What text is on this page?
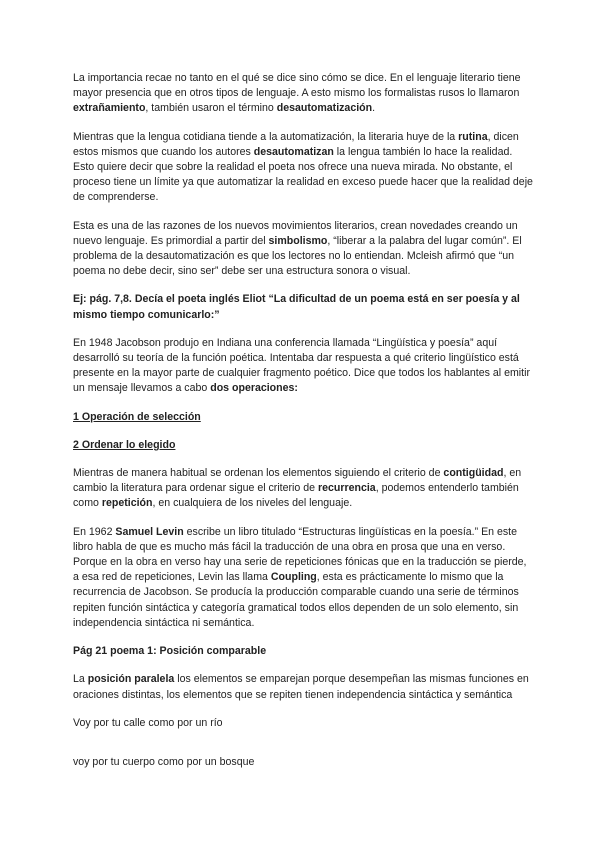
La importancia recae no tanto en el qué se dice sino cómo se dice. En el lenguaje literario tiene mayor presencia que en otros tipos de lenguaje. A esto mismo los formalistas rusos lo llamaron extrañamiento, también usaron el término desautomatización.

Mientras que la lengua cotidiana tiende a la automatización, la literaria huye de la rutina, dicen estos mismos que cuando los autores desautomatizan la lengua también lo hace la realidad. Esto quiere decir que sobre la realidad el poeta nos ofrece una nueva mirada. No obstante, el proceso tiene un límite ya que automatizar la realidad en exceso puede hacer que la realidad deje de comprenderse.

Esta es una de las razones de los nuevos movimientos literarios, crean novedades creando un nuevo lenguaje. Es primordial a partir del simbolismo, “liberar a la palabra del lugar común”. El problema de la desautomatización es que los lectores no lo entiendan. Mcleish afirmó que “un poema no debe decir, sino ser” debe ser una estructura sonora o visual.

Ej: pág. 7,8. Decía el poeta inglés Eliot “La dificultad de un poema está en ser poesía y al mismo tiempo comunicarlo:”

En 1948 Jacobson produjo en Indiana una conferencia llamada “Lingüística y poesía” aquí desarrolló su teoría de la función poética. Intentaba dar respuesta a qué criterio lingüístico está presente en la mayor parte de cualquier fragmento poético. Dice que todos los hablantes al emitir un mensaje llevamos a cabo dos operaciones:

1 Operación de selección

2 Ordenar lo elegido

Mientras de manera habitual se ordenan los elementos siguiendo el criterio de contigüidad, en cambio la literatura para ordenar sigue el criterio de recurrencia, podemos entenderlo también como repetición, en cualquiera de los niveles del lenguaje.

En 1962 Samuel Levin escribe un libro titulado “Estructuras lingüísticas en la poesía.” En este libro habla de que es mucho más fácil la traducción de una obra en prosa que una en verso. Porque en la obra en verso hay una serie de repeticiones fónicas que en la traducción se pierde, a esa red de repeticiones, Levin las llama Coupling, esta es prácticamente lo mismo que la recurrencia de Jacobson. Se producía la producción comparable cuando una serie de términos repiten función sintáctica y categoría gramatical todos ellos dependen de un solo elemento, sin independencia sintáctica ni semántica.

Pág 21 poema 1: Posición comparable

La posición paralela los elementos se emparejan porque desempeñan las mismas funciones en oraciones distintas, los elementos que se repiten tienen independencia sintáctica y semántica

Voy por tu calle como por un río

voy por tu cuerpo como por un bosque
